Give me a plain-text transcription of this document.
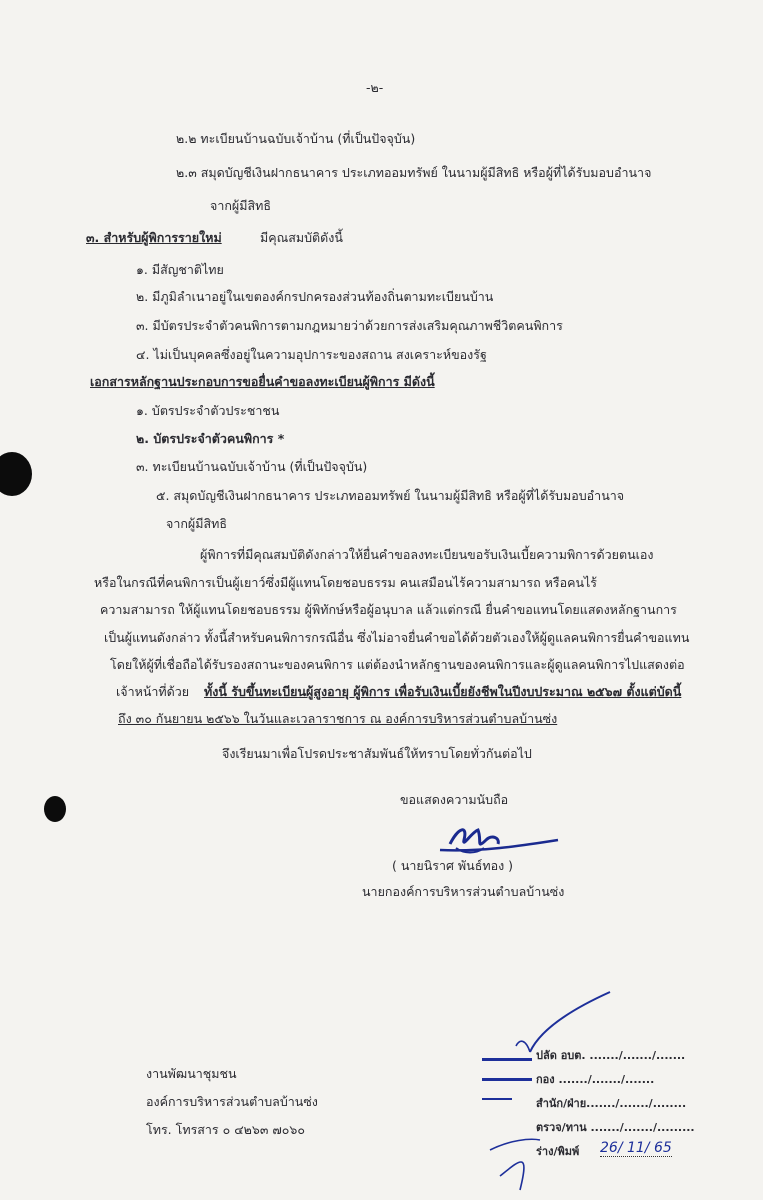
-๒-
๒.๒ ทะเบียนบ้านฉบับเจ้าบ้าน (ที่เป็นปัจจุบัน)
๒.๓ สมุดบัญชีเงินฝากธนาคาร ประเภทออมทรัพย์ ในนามผู้มีสิทธิ หรือผู้ที่ได้รับมอบอำนาจ
จากผู้มีสิทธิ
๓. สำหรับผู้พิการรายใหม่	มีคุณสมบัติดังนี้
๑. มีสัญชาติไทย
๒. มีภูมิลำเนาอยู่ในเขตองค์กรปกครองส่วนท้องถิ่นตามทะเบียนบ้าน
๓. มีบัตรประจำตัวคนพิการตามกฎหมายว่าด้วยการส่งเสริมคุณภาพชีวิตคนพิการ
๔. ไม่เป็นบุคคลซึ่งอยู่ในความอุปการะของสถาน สงเคราะห์ของรัฐ
เอกสารหลักฐานประกอบการขอยื่นคำขอลงทะเบียนผู้พิการ มีดังนี้
๑. บัตรประจำตัวประชาชน
๒. บัตรประจำตัวคนพิการ *
๓. ทะเบียนบ้านฉบับเจ้าบ้าน (ที่เป็นปัจจุบัน)
๕. สมุดบัญชีเงินฝากธนาคาร ประเภทออมทรัพย์ ในนามผู้มีสิทธิ หรือผู้ที่ได้รับมอบอำนาจ
จากผู้มีสิทธิ
ผู้พิการที่มีคุณสมบัติดังกล่าวให้ยื่นคำขอลงทะเบียนขอรับเงินเบี้ยความพิการด้วยตนเอง
หรือในกรณีที่คนพิการเป็นผู้เยาว์ซึ่งมีผู้แทนโดยชอบธรรม คนเสมือนไร้ความสามารถ หรือคนไร้
ความสามารถ ให้ผู้แทนโดยชอบธรรม ผู้พิทักษ์หรือผู้อนุบาล แล้วแต่กรณี ยื่นคำขอแทนโดยแสดงหลักฐานการ
เป็นผู้แทนดังกล่าว ทั้งนี้สำหรับคนพิการกรณีอื่น ซึ่งไม่อาจยื่นคำขอได้ด้วยตัวเองให้ผู้ดูแลคนพิการยื่นคำขอแทน
โดยให้ผู้ที่เชื่อถือได้รับรองสถานะของคนพิการ แต่ต้องนำหลักฐานของคนพิการและผู้ดูแลคนพิการไปแสดงต่อ
เจ้าหน้าที่ด้วย ทั้งนี้ รับขึ้นทะเบียนผู้สูงอายุ ผู้พิการ เพื่อรับเงินเบี้ยยังชีพในปีงบประมาณ ๒๕๖๗ ตั้งแต่บัดนี้
ถึง ๓๐ กันยายน ๒๕๖๖ ในวันและเวลาราชการ ณ องค์การบริหารส่วนตำบลบ้านซ่ง
จึงเรียนมาเพื่อโปรดประชาสัมพันธ์ให้ทราบโดยทั่วกันต่อไป
ขอแสดงความนับถือ
( นายนิราศ พันธ์ทอง )
นายกองค์การบริหารส่วนตำบลบ้านซ่ง
งานพัฒนาชุมชน
องค์การบริหารส่วนตำบลบ้านซ่ง
โทร. โทรสาร ๐ ๔๒๖๓ ๗๐๖๐
ปลัด อบต. ......./......./.......
กอง ......./......./.......
สำนัก/ฝ่าย......./......./........
ตรวจ/ทาน ......./......./.........
ร่าง/พิมพ์ 26/ 11/ 65
